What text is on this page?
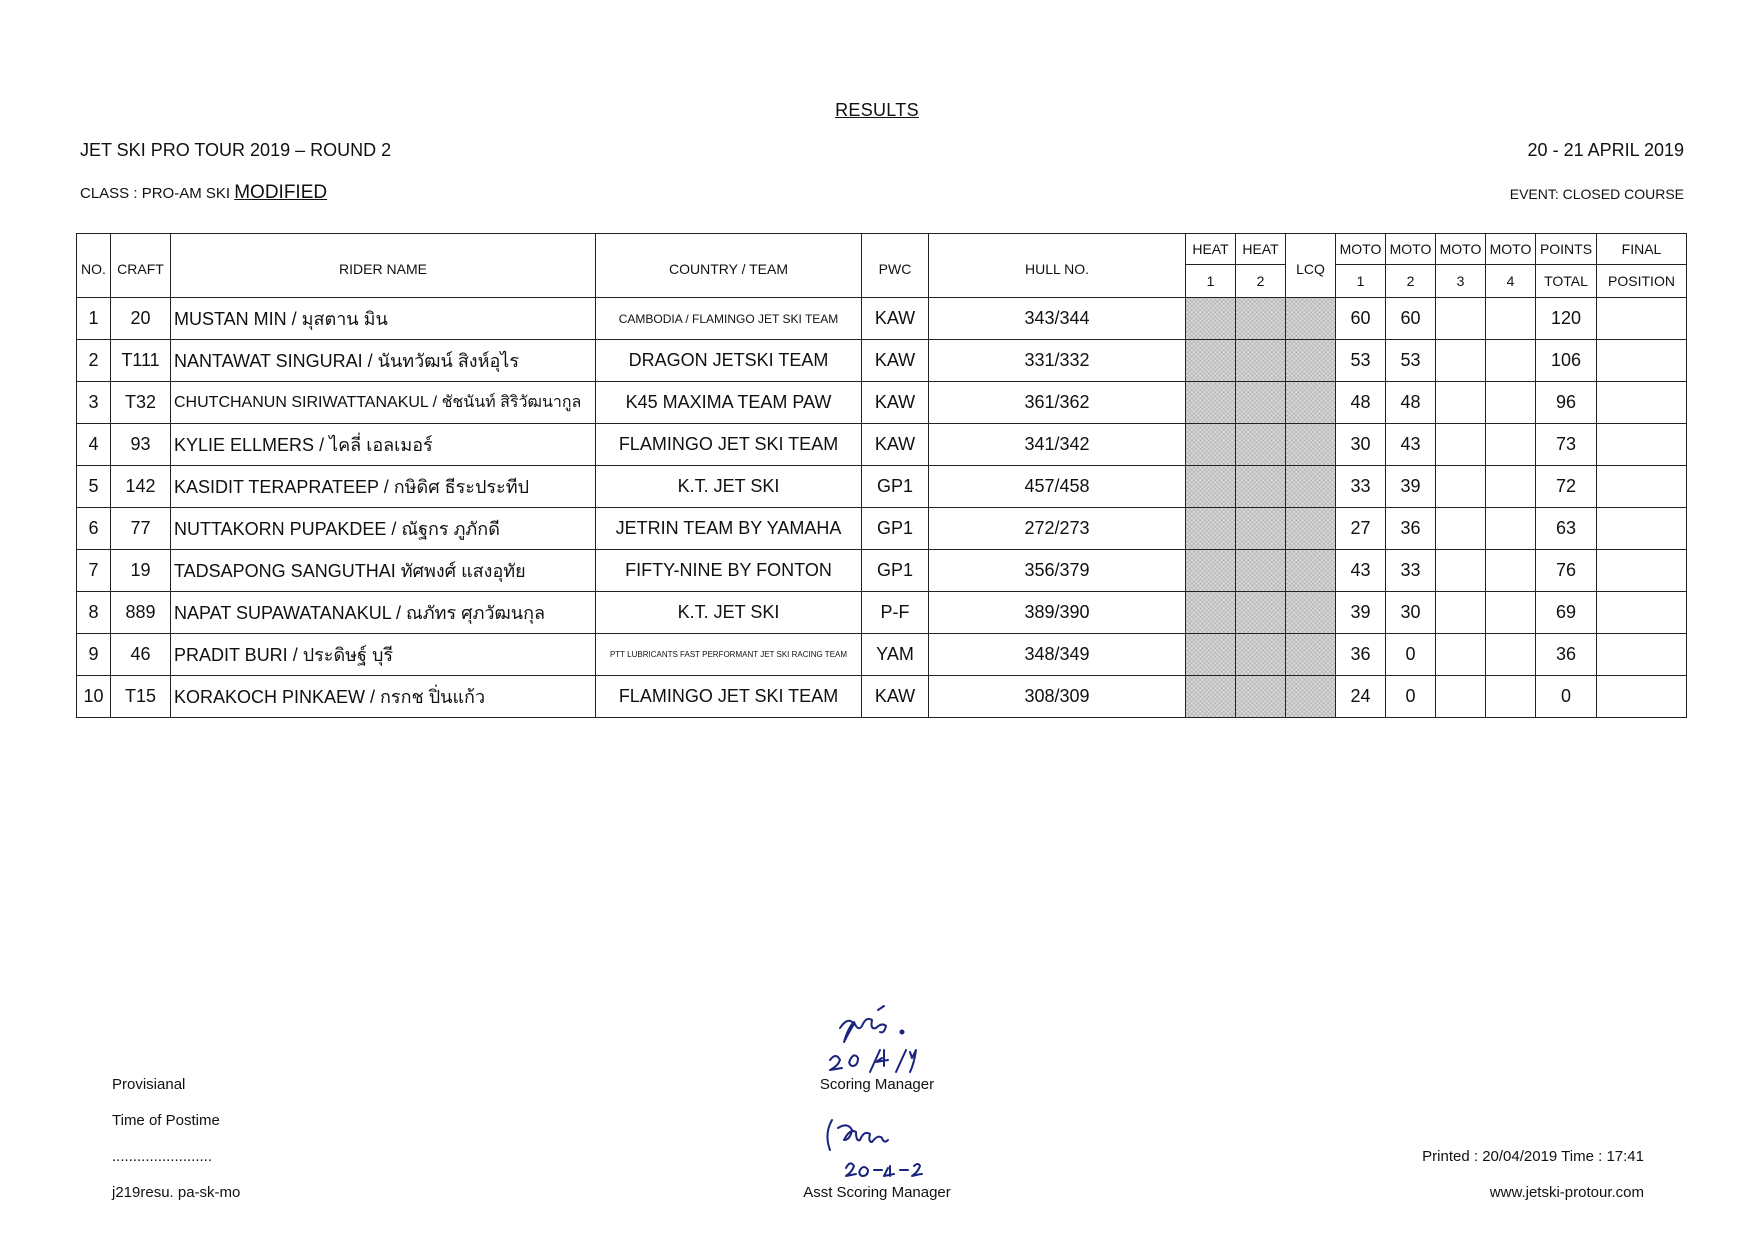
RESULTS
JET SKI PRO TOUR 2019 – ROUND 2	20 - 21 APRIL 2019
CLASS : PRO-AM SKI MODIFIED	EVENT: CLOSED COURSE
NO.	CRAFT	RIDER NAME	COUNTRY / TEAM	PWC	HULL NO.	HEAT	HEAT	LCQ	MOTO	MOTO	MOTO	MOTO	POINTS	FINAL
						1	2		1	2	3	4	TOTAL	POSITION
1	20	MUSTAN MIN / มุสตาน มิน	CAMBODIA / FLAMINGO JET SKI TEAM	KAW	343/344				60	60			120	
2	T111	NANTAWAT SINGURAI / นันทวัฒน์ สิงห์อุไร	DRAGON JETSKI TEAM	KAW	331/332				53	53			106	
3	T32	CHUTCHANUN SIRIWATTANAKUL / ชัชนันท์ สิริวัฒนากูล	K45 MAXIMA TEAM PAW	KAW	361/362				48	48			96	
4	93	KYLIE ELLMERS / ไคลี่ เอลเมอร์	FLAMINGO JET SKI TEAM	KAW	341/342				30	43			73	
5	142	KASIDIT TERAPRATEEP / กษิดิศ ธีระประทีป	K.T. JET SKI	GP1	457/458				33	39			72	
6	77	NUTTAKORN PUPAKDEE / ณัฐกร ภูภักดี	JETRIN TEAM BY YAMAHA	GP1	272/273				27	36			63	
7	19	TADSAPONG SANGUTHAI ทัศพงศ์ แสงอุทัย	FIFTY-NINE BY FONTON	GP1	356/379				43	33			76	
8	889	NAPAT SUPAWATANAKUL / ณภัทร ศุภวัฒนกุล	K.T. JET SKI	P-F	389/390				39	30			69	
9	46	PRADIT BURI / ประดิษฐ์ บุรี	PTT LUBRICANTS FAST PERFORMANT JET SKI RACING TEAM	YAM	348/349				36	0			36	
10	T15	KORAKOCH PINKAEW / กรกช ปิ่นแก้ว	FLAMINGO JET SKI TEAM	KAW	308/309				24	0			0	
Provisianal
Time of Postime
........................
j219resu. pa-sk-mo
Scoring Manager
Asst Scoring Manager
Printed : 20/04/2019 Time : 17:41
www.jetski-protour.com
